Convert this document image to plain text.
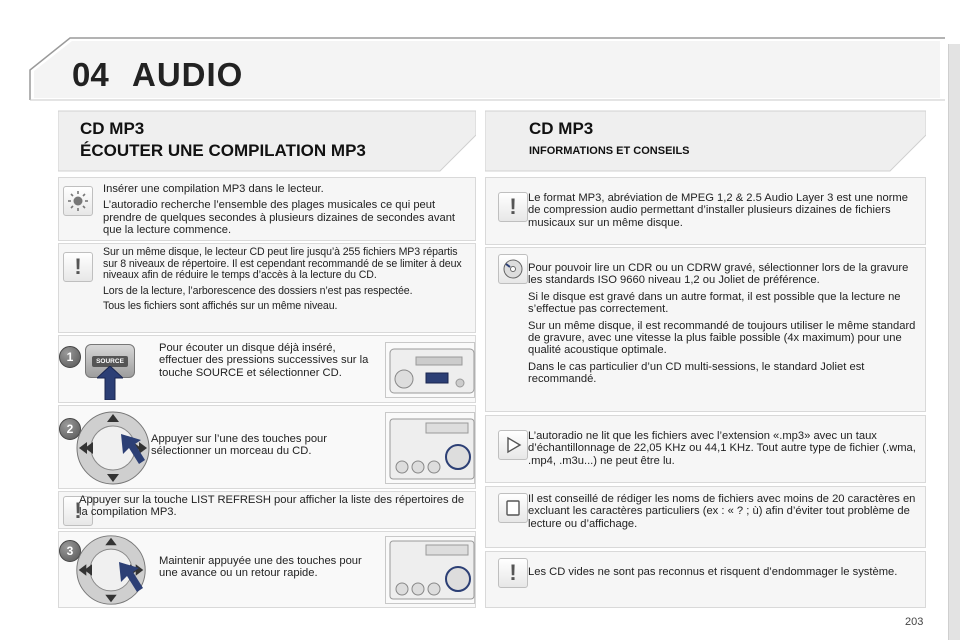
04 AUDIO
CD MP3
ÉCOUTER UNE COMPILATION MP3

Insérer une compilation MP3 dans le lecteur.

L’autoradio recherche l’ensemble des plages musicales ce qui peut prendre de quelques secondes à plusieurs dizaines de secondes avant que la lecture commence.

!

Sur un même disque, le lecteur CD peut lire jusqu’à 255 fichiers MP3 répartis sur 8 niveaux de répertoire. Il est cependant recommandé de se limiter à deux niveaux afin de réduire le temps d’accès à la lecture du CD.

Lors de la lecture, l’arborescence des dossiers n’est pas respectée.

Tous les fichiers sont affichés sur un même niveau.

1	SOURCE
Pour écouter un disque déjà inséré, effectuer des pressions successives sur la touche SOURCE et sélectionner CD.
2
Appuyer sur l’une des touches pour sélectionner un morceau du CD.
!
Appuyer sur la touche LIST REFRESH pour afficher la liste des répertoires de la compilation MP3.
3
Maintenir appuyée une des touches pour une avance ou un retour rapide.
CD MP3
INFORMATIONS ET CONSEILS
! Le format MP3, abréviation de MPEG 1,2 & 2.5 Audio Layer 3 est une norme de compression audio permettant d’installer plusieurs dizaines de fichiers musicaux sur un même disque.

Pour pouvoir lire un CDR ou un CDRW gravé, sélectionner lors de la gravure les standards ISO 9660 niveau 1,2 ou Joliet de préférence.

Si le disque est gravé dans un autre format, il est possible que la lecture ne s’effectue pas correctement.

Sur un même disque, il est recommandé de toujours utiliser le même standard de gravure, avec une vitesse la plus faible possible (4x maximum) pour une qualité acoustique optimale.

Dans le cas particulier d’un CD multi-sessions, le standard Joliet est recommandé.

L’autoradio ne lit que les fichiers avec l’extension «.mp3» avec un taux d’échantillonnage de 22,05 KHz ou 44,1 KHz. Tout autre type de fichier (.wma, .mp4, .m3u...) ne peut être lu.
Il est conseillé de rédiger les noms de fichiers avec moins de 20 caractères en excluant les caractères particuliers (ex : « ? ; ù) afin d’éviter tout problème de lecture ou d’affichage.
! Les CD vides ne sont pas reconnus et risquent d’endommager le système.
203
